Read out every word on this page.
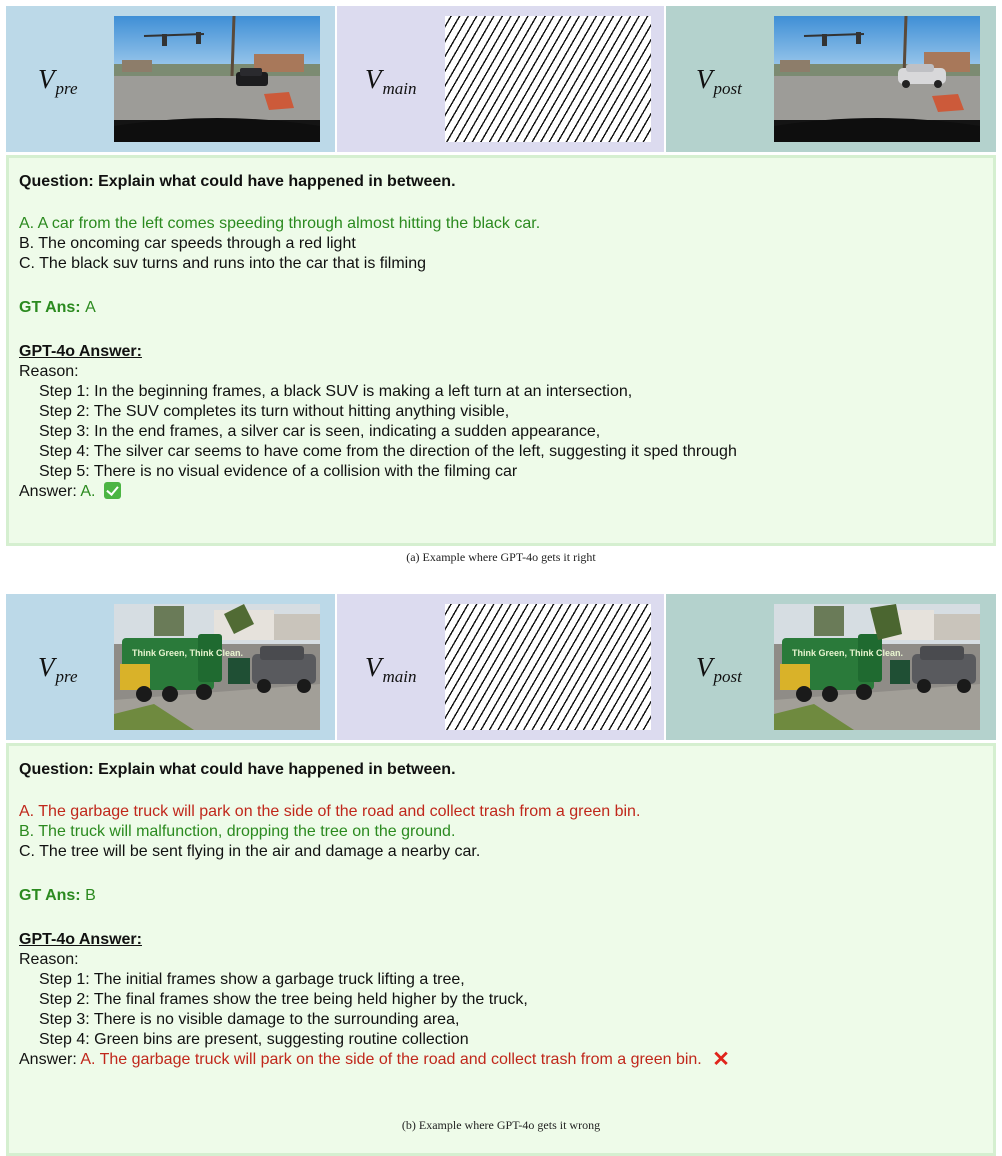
$V_{pre}$	$V_{main}$	$V_{post}$
Question: Explain what could have happened in between.
A. A car from the left comes speeding through almost hitting the black car.
B. The oncoming car speeds through a red light
C. The black suv turns and runs into the car that is filming
GT Ans: A
GPT-4o Answer:
Reason:
Step 1: In the beginning frames, a black SUV is making a left turn at an intersection,
Step 2: The SUV completes its turn without hitting anything visible,
Step 3: In the end frames, a silver car is seen, indicating a sudden appearance,
Step 4: The silver car seems to have come from the direction of the left, suggesting it sped through
Step 5: There is no visual evidence of a collision with the filming car
Answer: A.
(a) Example where GPT-4o gets it right
$V_{pre}$
Think Green, Think Clean.	$V_{main}$	$V_{post}$
Think Green, Think Clean.
Question: Explain what could have happened in between.
A. The garbage truck will park on the side of the road and collect trash from a green bin.
B. The truck will malfunction, dropping the tree on the ground.
C. The tree will be sent flying in the air and damage a nearby car.
GT Ans: B
GPT-4o Answer:
Reason:
Step 1: The initial frames show a garbage truck lifting a tree,
Step 2: The final frames show the tree being held higher by the truck,
Step 3: There is no visible damage to the surrounding area,
Step 4: Green bins are present, suggesting routine collection
Answer: A. The garbage truck will park on the side of the road and collect trash from a green bin. ✕
(b) Example where GPT-4o gets it wrong
